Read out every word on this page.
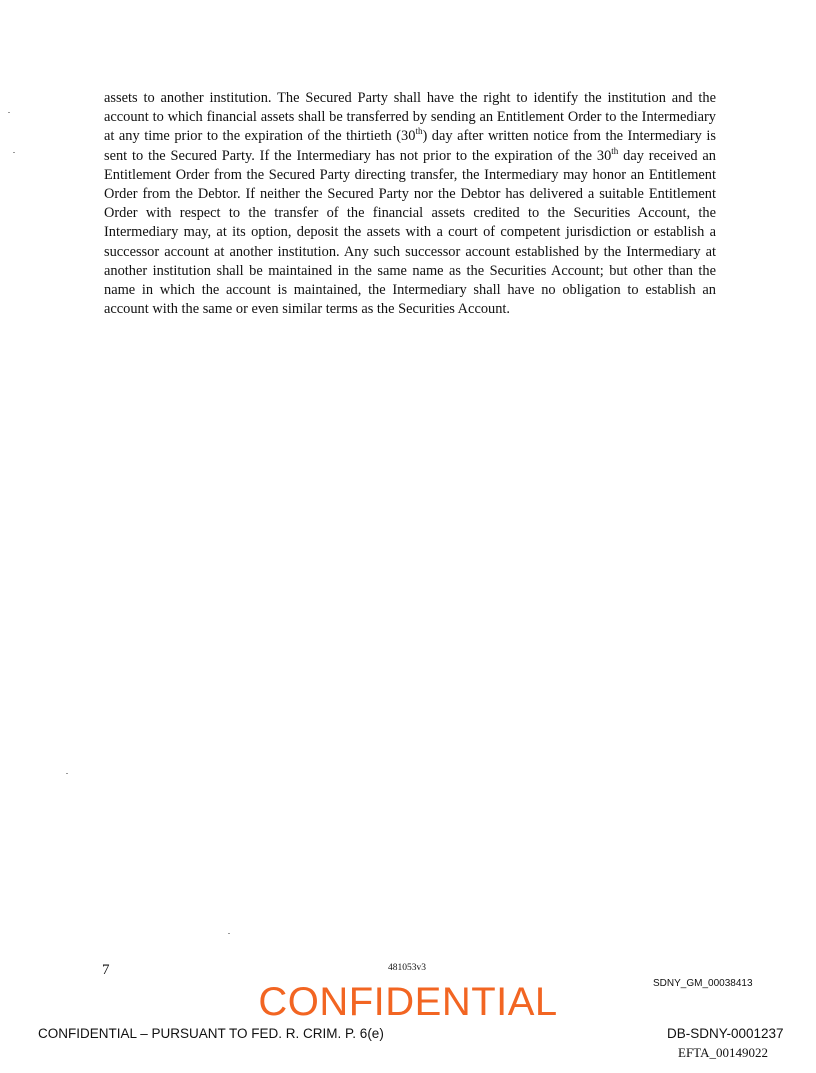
assets to another institution. The Secured Party shall have the right to identify the institution and the account to which financial assets shall be transferred by sending an Entitlement Order to the Intermediary at any time prior to the expiration of the thirtieth (30th) day after written notice from the Intermediary is sent to the Secured Party. If the Intermediary has not prior to the expiration of the 30th day received an Entitlement Order from the Secured Party directing transfer, the Intermediary may honor an Entitlement Order from the Debtor. If neither the Secured Party nor the Debtor has delivered a suitable Entitlement Order with respect to the transfer of the financial assets credited to the Securities Account, the Intermediary may, at its option, deposit the assets with a court of competent jurisdiction or establish a successor account at another institution. Any such successor account established by the Intermediary at another institution shall be maintained in the same name as the Securities Account; but other than the name in which the account is maintained, the Intermediary shall have no obligation to establish an account with the same or even similar terms as the Securities Account.

7	481053v3
SDNY_GM_00038413
CONFIDENTIAL
CONFIDENTIAL – PURSUANT TO FED. R. CRIM. P. 6(e)	DB-SDNY-0001237
EFTA_00149022
